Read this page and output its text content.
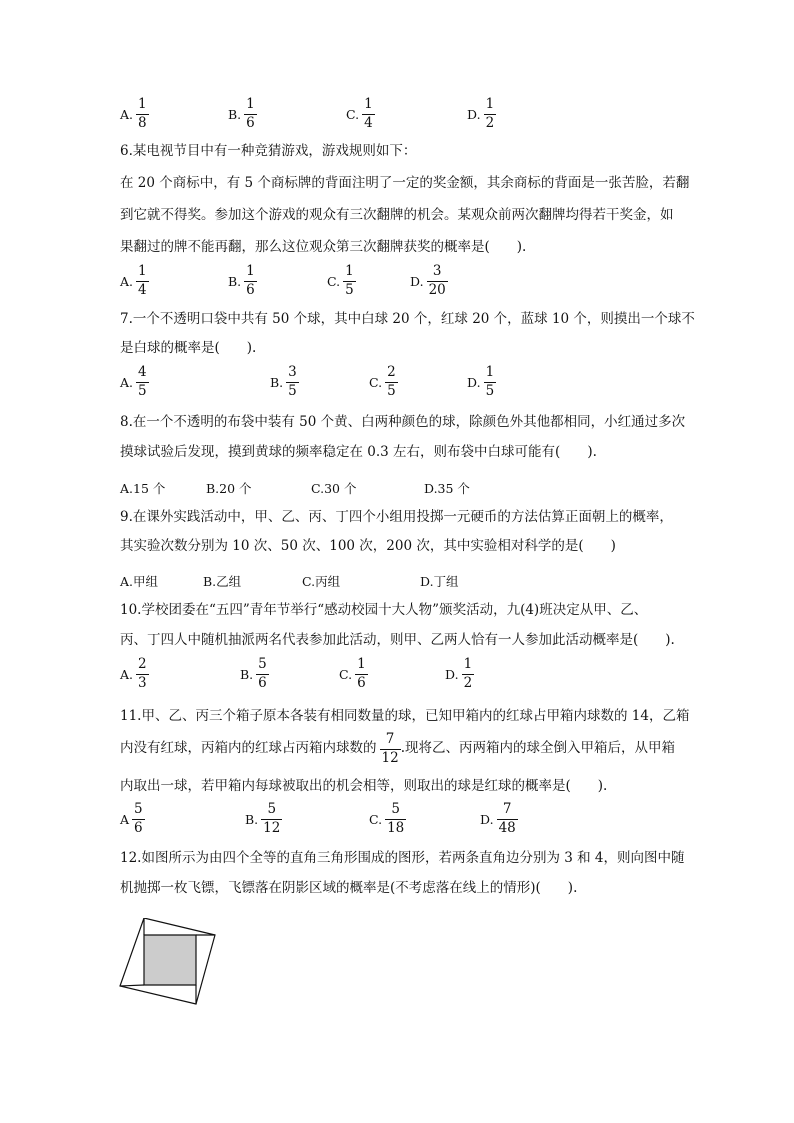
A. $\frac{1}{8}$	B. $\frac{1}{6}$	C. $\frac{1}{4}$	D. $\frac{1}{2}$
6.某电视节目中有一种竞猜游戏，游戏规则如下：
在 20 个商标中，有 5 个商标牌的背面注明了一定的奖金额，其余商标的背面是一张苦脸，若翻
到它就不得奖。参加这个游戏的观众有三次翻牌的机会。某观众前两次翻牌均得若干奖金，如
果翻过的牌不能再翻，那么这位观众第三次翻牌获奖的概率是(　　).
A. $\frac{1}{4}$	B. $\frac{1}{6}$	C. $\frac{1}{5}$	D. $\frac{3}{20}$
7.一个不透明口袋中共有 50 个球，其中白球 20 个，红球 20 个，蓝球 10 个，则摸出一个球不
是白球的概率是(　　).
A. $\frac{4}{5}$	B. $\frac{3}{5}$	C. $\frac{2}{5}$	D. $\frac{1}{5}$
8.在一个不透明的布袋中装有 50 个黄、白两种颜色的球，除颜色外其他都相同，小红通过多次
摸球试验后发现，摸到黄球的频率稳定在 0.3 左右，则布袋中白球可能有(　　).
A.15 个	B.20 个	C.30 个	D.35 个
9.在课外实践活动中，甲、乙、丙、丁四个小组用投掷一元硬币的方法估算正面朝上的概率，
其实验次数分别为 10 次、50 次、100 次，200 次，其中实验相对科学的是(　　)
A.甲组	B.乙组	C.丙组	D.丁组
10.学校团委在“五四”青年节举行“感动校园十大人物”颁奖活动，九(4)班决定从甲、乙、
丙、丁四人中随机抽派两名代表参加此活动，则甲、乙两人恰有一人参加此活动概率是(　　).
A. $\frac{2}{3}$	B. $\frac{5}{6}$	C. $\frac{1}{6}$	D. $\frac{1}{2}$
11.甲、乙、丙三个箱子原本各装有相同数量的球，已知甲箱内的红球占甲箱内球数的 14，乙箱
内没有红球，丙箱内的红球占丙箱内球数的 $\frac{7}{12}$ .现将乙、丙两箱内的球全倒入甲箱后，从甲箱
内取出一球，若甲箱内每球被取出的机会相等，则取出的球是红球的概率是(　　).
A $\frac{5}{6}$	B. $\frac{5}{12}$	C. $\frac{5}{18}$	D. $\frac{7}{48}$
12.如图所示为由四个全等的直角三角形围成的图形，若两条直角边分别为 3 和 4，则向图中随
机抛掷一枚飞镖，飞镖落在阴影区域的概率是(不考虑落在线上的情形)(　　).
